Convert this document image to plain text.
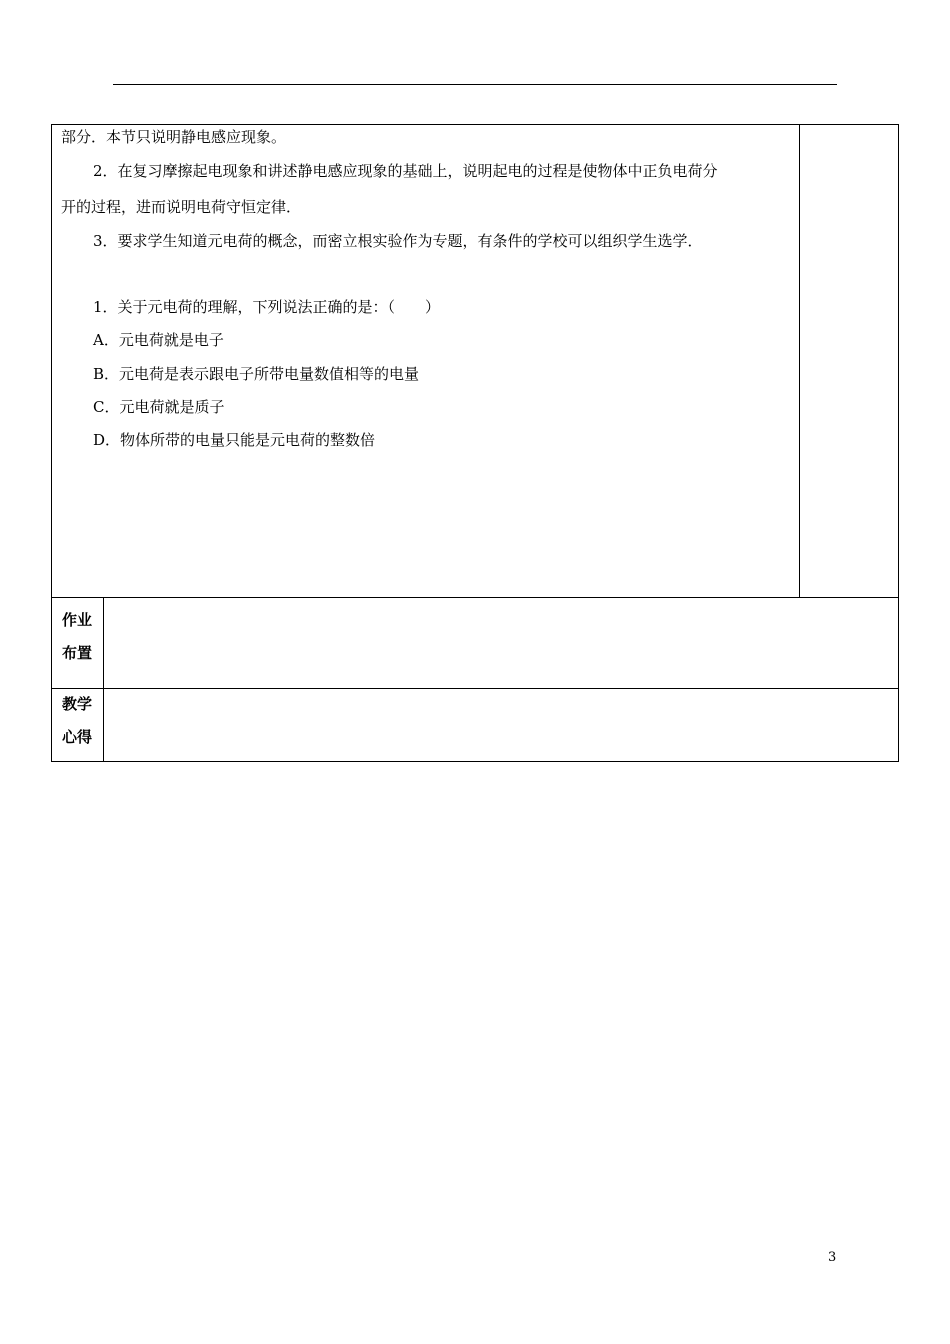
部分．本节只说明静电感应现象。
2．在复习摩擦起电现象和讲述静电感应现象的基础上，说明起电的过程是使物体中正负电荷分
开的过程，进而说明电荷守恒定律．
3．要求学生知道元电荷的概念，而密立根实验作为专题，有条件的学校可以组织学生选学．
1．关于元电荷的理解，下列说法正确的是：（　　）
A．元电荷就是电子
B．元电荷是表示跟电子所带电量数值相等的电量
C．元电荷就是质子
D．物体所带的电量只能是元电荷的整数倍
作业
布置
教学
心得
3
